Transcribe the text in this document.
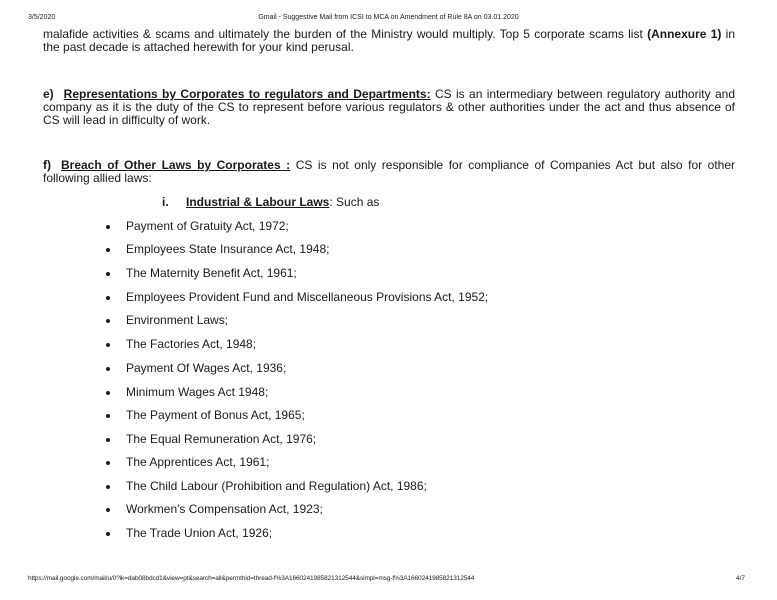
3/5/2020	Gmail - Suggestive Mail from ICSI to MCA on Amendment of Rule 8A on 03.01.2020

malafide activities & scams and ultimately the burden of the Ministry would multiply. Top 5 corporate scams list (Annexure 1) in the past decade is attached herewith for your kind perusal.

e) Representations by Corporates to regulators and Departments: CS is an intermediary between regulatory authority and company as it is the duty of the CS to represent before various regulators & other authorities under the act and thus absence of CS will lead in difficulty of work.

f) Breach of Other Laws by Corporates : CS is not only responsible for compliance of Companies Act but also for other following allied laws:

i. Industrial & Labour Laws: Such as
Payment of Gratuity Act, 1972;
Employees State Insurance Act, 1948;
The Maternity Benefit Act, 1961;
Employees Provident Fund and Miscellaneous Provisions Act, 1952;
Environment Laws;
The Factories Act, 1948;
Payment Of Wages Act, 1936;
Minimum Wages Act 1948;
The Payment of Bonus Act, 1965;
The Equal Remuneration Act, 1976;
The Apprentices Act, 1961;
The Child Labour (Prohibition and Regulation) Act, 1986;
Workmen's Compensation Act, 1923;
The Trade Union Act, 1926;
https://mail.google.com/mail/u/0?ik=dab08bdcd1&view=pt&search=all&permthid=thread-f%3A1660241985821312544&simpl=msg-f%3A1660241985821312544	4/7
